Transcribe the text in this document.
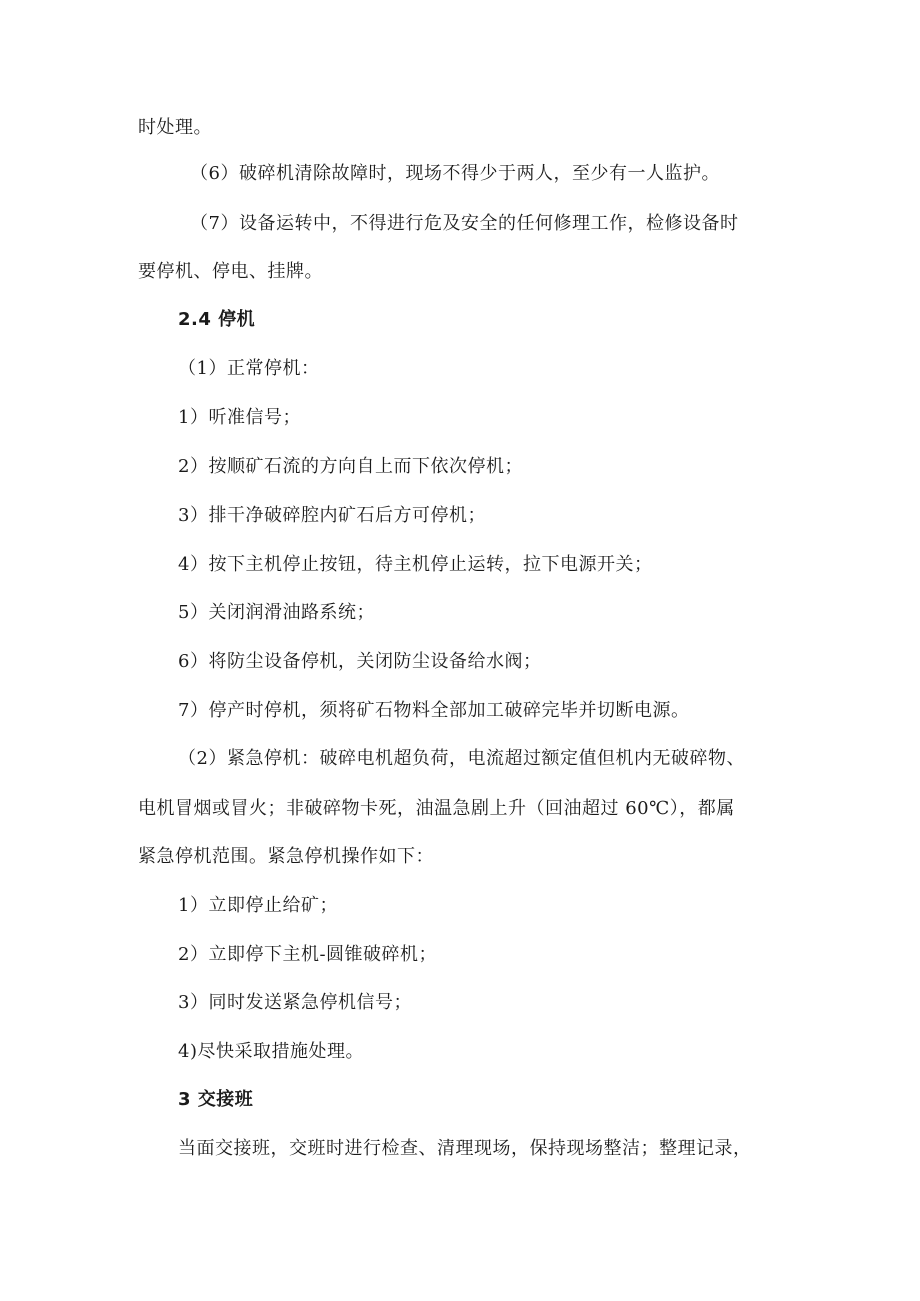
时处理。
（6）破碎机清除故障时，现场不得少于两人，至少有一人监护。
（7）设备运转中，不得进行危及安全的任何修理工作，检修设备时
要停机、停电、挂牌。
2.4 停机
（1）正常停机：
1）听准信号；
2）按顺矿石流的方向自上而下依次停机；
3）排干净破碎腔内矿石后方可停机；
4）按下主机停止按钮，待主机停止运转，拉下电源开关；
5）关闭润滑油路系统；
6）将防尘设备停机，关闭防尘设备给水阀；
7）停产时停机，须将矿石物料全部加工破碎完毕并切断电源。
（2）紧急停机：破碎电机超负荷，电流超过额定值但机内无破碎物、
电机冒烟或冒火；非破碎物卡死，油温急剧上升（回油超过 60℃），都属
紧急停机范围。紧急停机操作如下：
1）立即停止给矿；
2）立即停下主机-圆锥破碎机；
3）同时发送紧急停机信号；
4)尽快采取措施处理。
3 交接班
当面交接班，交班时进行检查、清理现场，保持现场整洁；整理记录，
